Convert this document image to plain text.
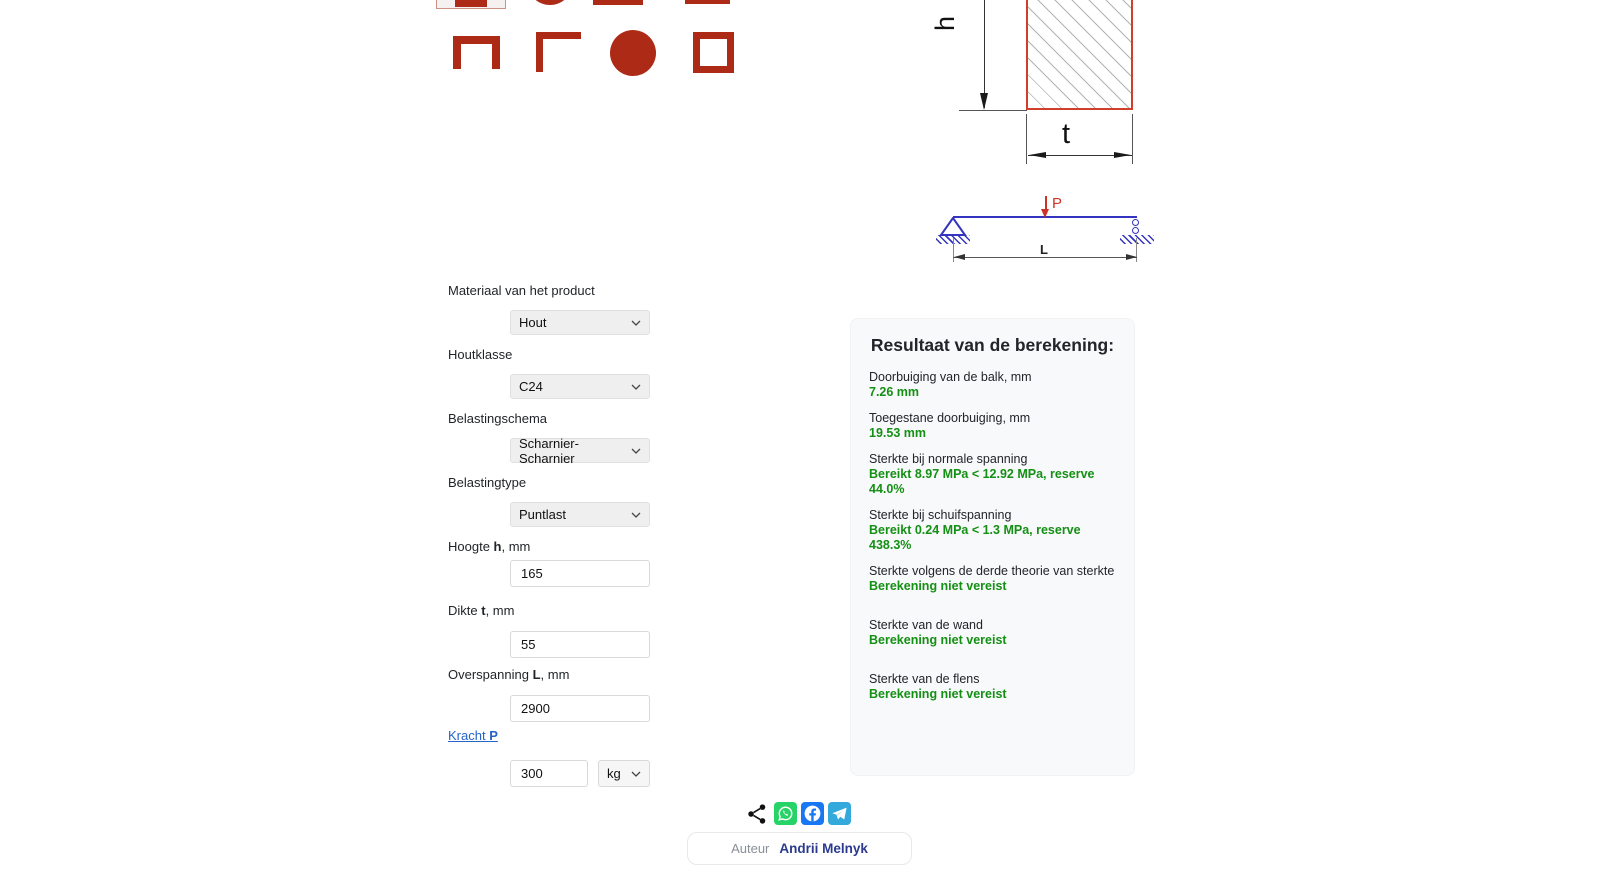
h
t
P
L
Materiaal van het product
Hout
Houtklasse
C24
Belastingschema
Scharnier-Scharnier
Belastingtype
Puntlast
Hoogte h, mm
165
Dikte t, mm
55
Overspanning L, mm
2900
Kracht P
300
kg
Resultaat van de berekening:
Doorbuiging van de balk, mm
7.26 mm
Toegestane doorbuiging, mm
19.53 mm
Sterkte bij normale spanning
Bereikt 8.97 MPa < 12.92 MPa, reserve 44.0%
Sterkte bij schuifspanning
Bereikt 0.24 MPa < 1.3 MPa, reserve 438.3%
Sterkte volgens de derde theorie van sterkte
Berekening niet vereist
Sterkte van de wand
Berekening niet vereist
Sterkte van de flens
Berekening niet vereist
Auteur Andrii Melnyk
